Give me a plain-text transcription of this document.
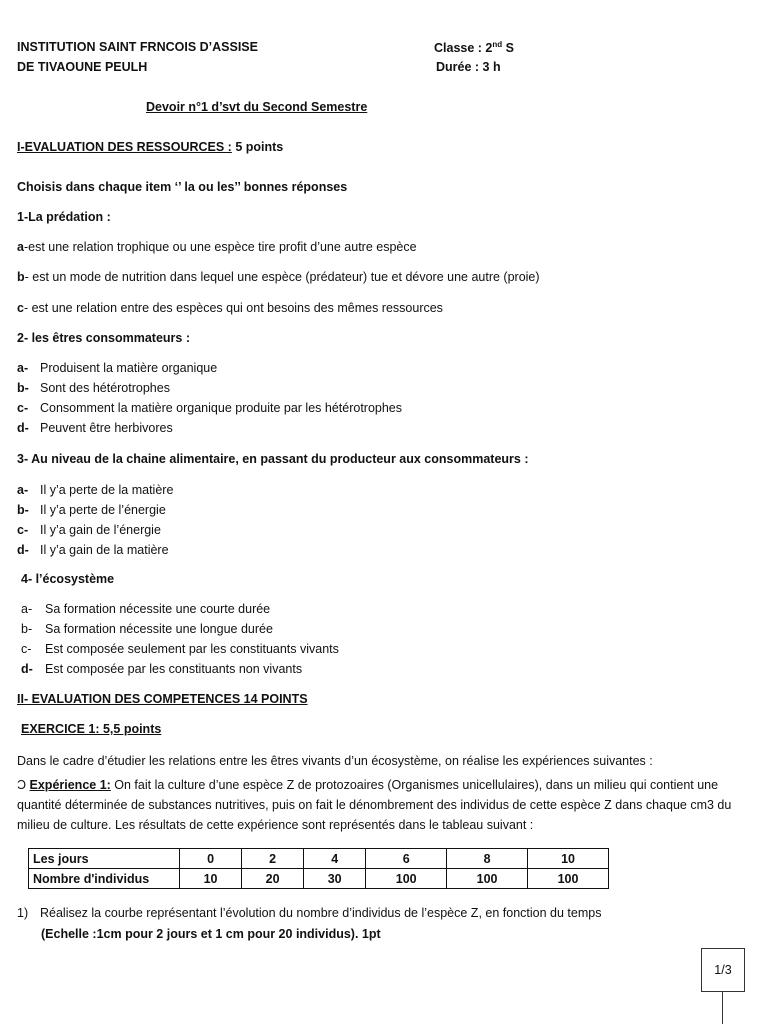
INSTITUTION SAINT FRNCOIS D’ASSISE
DE TIVAOUNE PEULH
Classe : 2nd S
Durée : 3 h
Devoir n°1 d’svt du Second Semestre
I-EVALUATION DES RESSOURCES : 5 points
Choisis dans chaque item ‘’ la ou les’’ bonnes réponses
1-La prédation :
a-est une relation trophique ou une espèce tire profit d’une autre espèce
b- est un mode de nutrition dans lequel une espèce (prédateur) tue et dévore une autre (proie)
c- est une relation entre des espèces qui ont besoins des mêmes ressources
2- les êtres consommateurs :
a- Produisent la matière organique
b- Sont des hétérotrophes
c- Consomment la matière organique produite par les hétérotrophes
d- Peuvent être herbivores
3- Au niveau de la chaine alimentaire, en passant du producteur aux consommateurs :
a- Il y’a perte de la matière
b- Il y’a perte de l’énergie
c- Il y’a gain de l’énergie
d- Il y’a gain de la matière
4- l’écosystème
a- Sa formation nécessite une courte durée
b- Sa formation nécessite une longue durée
c- Est composée seulement par les constituants vivants
d- Est composée par les constituants non vivants
II- EVALUATION DES COMPETENCES 14 POINTS
EXERCICE 1: 5,5 points
Dans le cadre d’étudier les relations entre les êtres vivants d’un écosystème, on réalise les expériences suivantes :
Ͻ Expérience 1: On fait la culture d’une espèce Z de protozoaires (Organismes unicellulaires), dans un milieu qui contient une quantité déterminée de substances nutritives, puis on fait le dénombrement des individus de cette espèce Z dans chaque cm3 du milieu de culture. Les résultats de cette expérience sont représentés dans le tableau suivant :
Les jours	0	2	4	6	8	10
Nombre d'individus	10	20	30	100	100	100
1) Réalisez la courbe représentant l’évolution du nombre d’individus de l’espèce Z, en fonction du temps
(Echelle :1cm pour 2 jours et 1 cm pour 20 individus). 1pt
1/3
